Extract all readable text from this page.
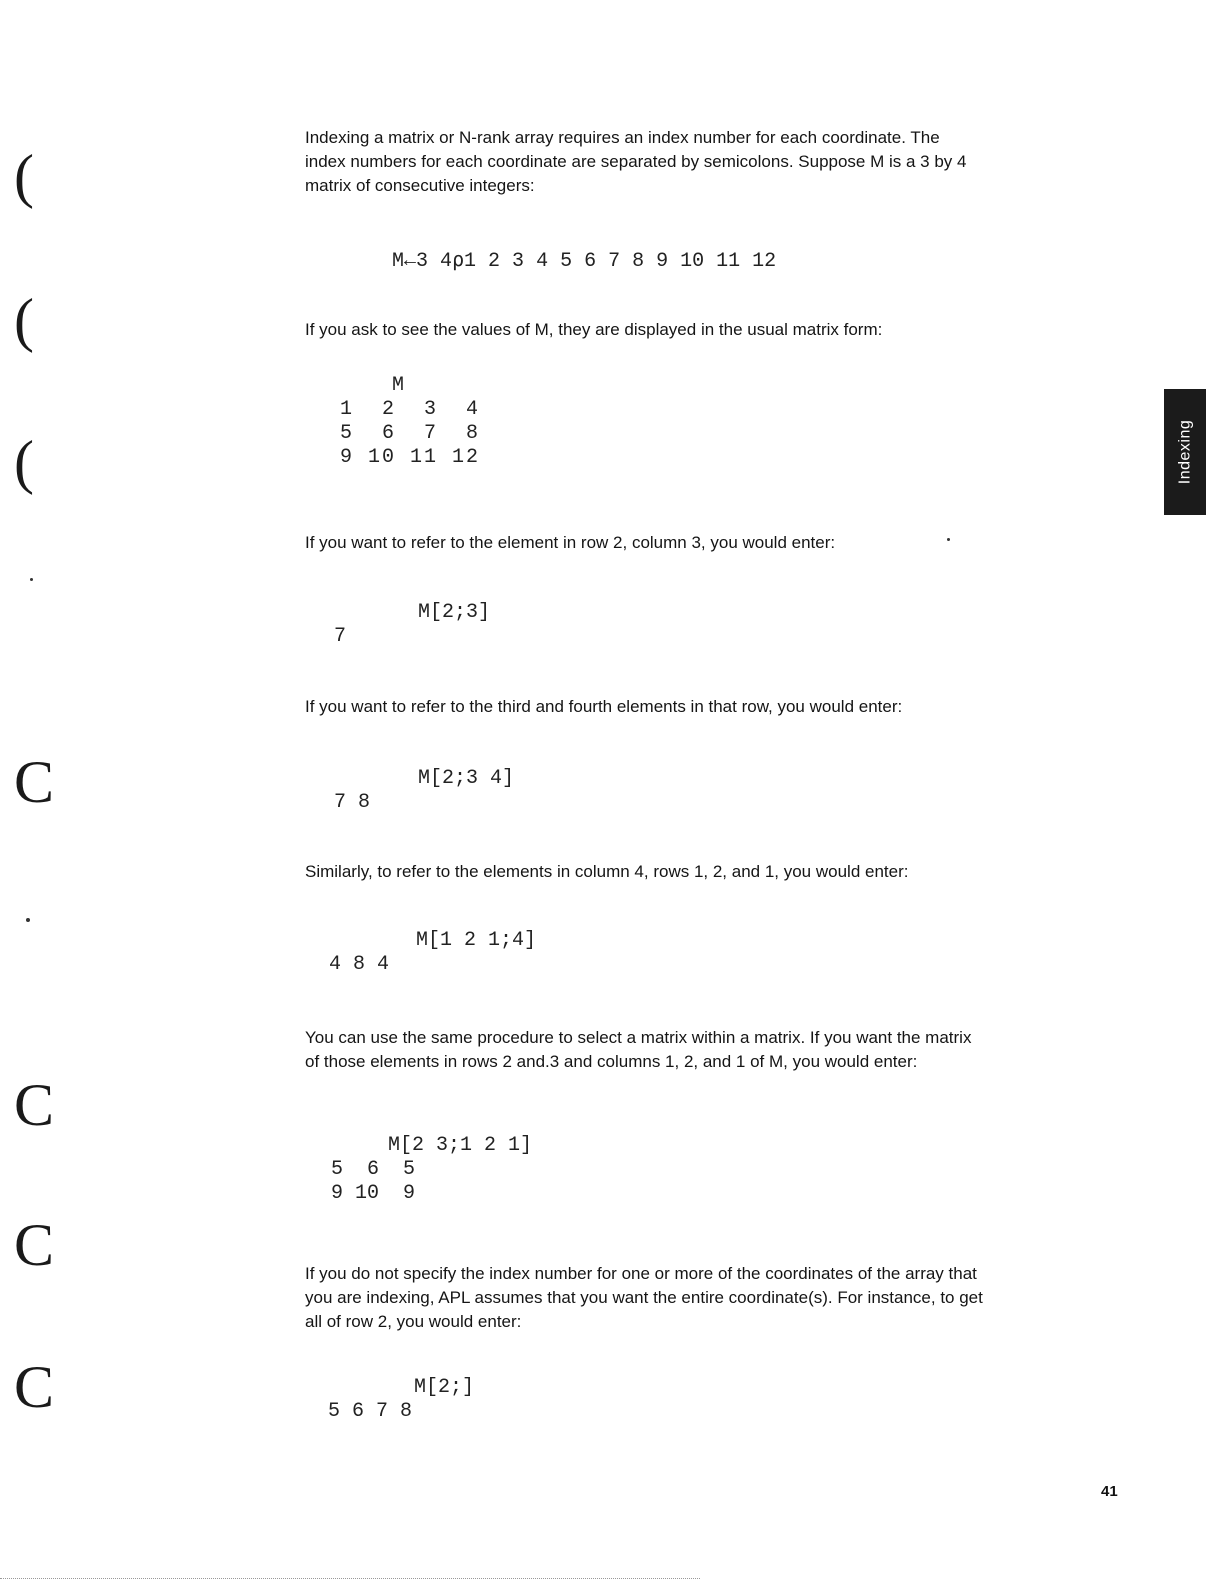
(
(
(
C
C
C
C
Indexing a matrix or N-rank array requires an index number for each coordinate. The index numbers for each coordinate are separated by semicolons. Suppose M is a 3 by 4 matrix of consecutive integers:
M←3 4⍴1 2 3 4 5 6 7 8 9 10 11 12
If you ask to see the values of M, they are displayed in the usual matrix form:
M
1  2  3  4
5  6  7  8
9 10 11 12
If you want to refer to the element in row 2, column 3, you would enter:
M[2;3]
7
If you want to refer to the third and fourth elements in that row, you would enter:
M[2;3 4]
7 8
Similarly, to refer to the elements in column 4, rows 1, 2, and 1, you would enter:
M[1 2 1;4]
4 8 4
You can use the same procedure to select a matrix within a matrix. If you want the matrix of those elements in rows 2 and.3 and columns 1, 2, and 1 of M, you would enter:
M[2 3;1 2 1]
5  6  5
9 10  9
If you do not specify the index number for one or more of the coordinates of the array that you are indexing, APL assumes that you want the entire coordinate(s). For instance, to get all of row 2, you would enter:
M[2;]
5 6 7 8
Indexing
41
